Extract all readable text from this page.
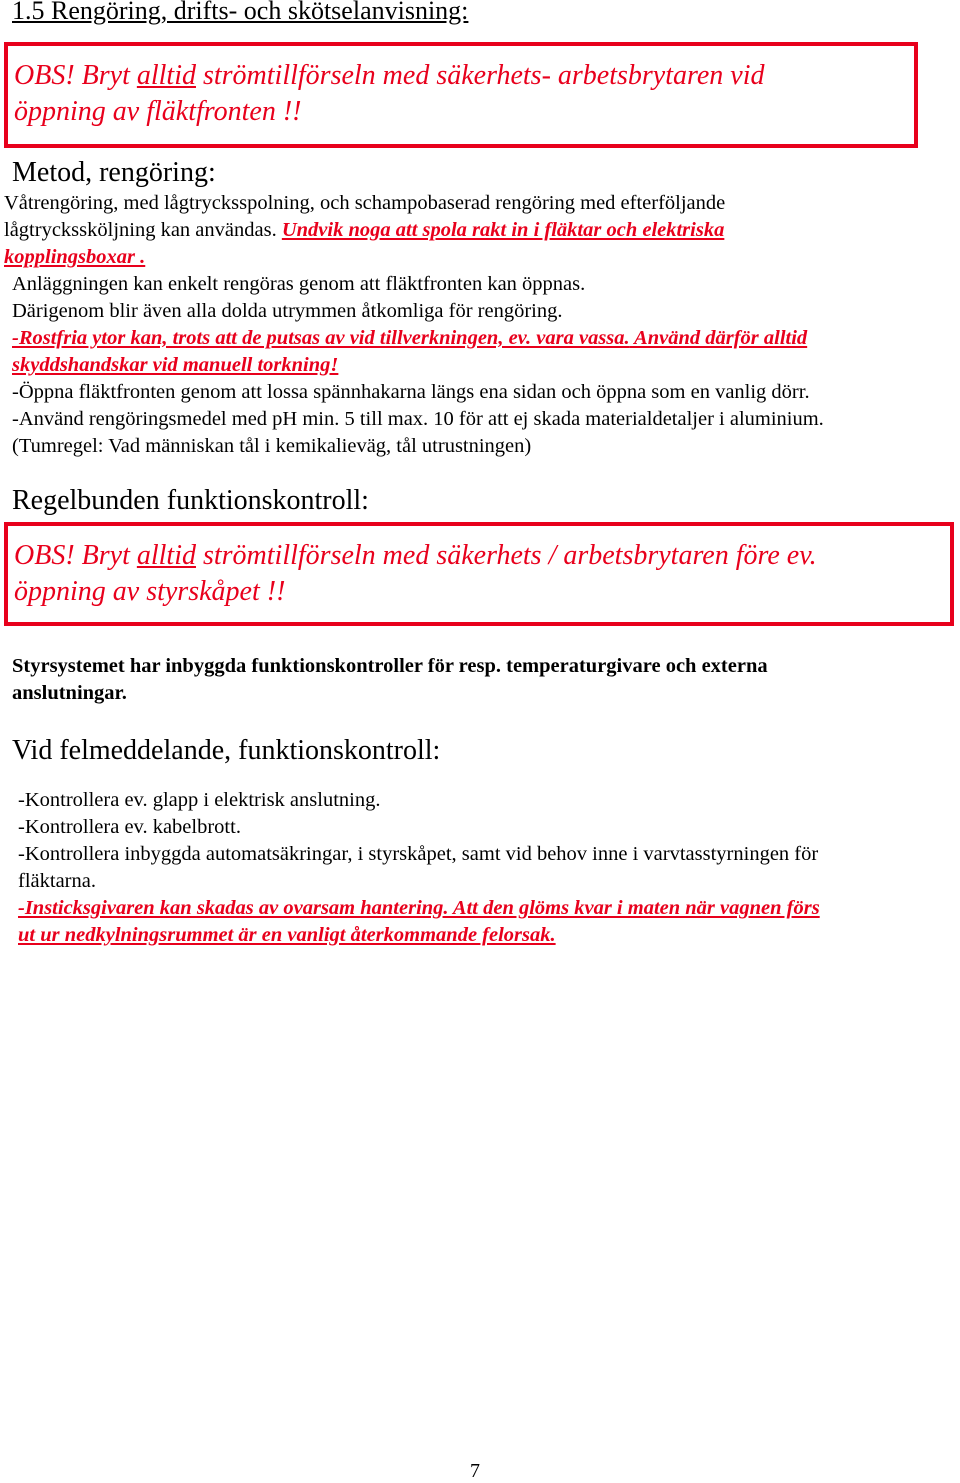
1.5 Rengöring, drifts- och skötselanvisning:
OBS! Bryt alltid strömtillförseln med säkerhets- arbetsbrytaren vid
öppning av fläktfronten !!
Metod, rengöring:
Våtrengöring, med lågtrycksspolning, och schampobaserad rengöring med efterföljande
lågtryckssköljning kan användas. Undvik noga att spola rakt in i fläktar och elektriska
kopplingsboxar .
Anläggningen kan enkelt rengöras genom att fläktfronten kan öppnas.
Därigenom blir även alla dolda utrymmen åtkomliga för rengöring.
-Rostfria ytor kan, trots att de putsas av vid tillverkningen, ev. vara vassa. Använd därför alltid
skyddshandskar vid manuell torkning!
-Öppna fläktfronten genom att lossa spännhakarna längs ena sidan och öppna som en vanlig dörr.
-Använd rengöringsmedel med pH min. 5 till max. 10 för att ej skada materialdetaljer i aluminium.
(Tumregel: Vad människan tål i kemikalieväg, tål utrustningen)
Regelbunden funktionskontroll:
OBS! Bryt alltid strömtillförseln med säkerhets / arbetsbrytaren före ev.
öppning av styrskåpet !!
Styrsystemet har inbyggda funktionskontroller för resp. temperaturgivare och externa
anslutningar.
Vid felmeddelande, funktionskontroll:
-Kontrollera ev. glapp i elektrisk anslutning.
-Kontrollera ev. kabelbrott.
-Kontrollera inbyggda automatsäkringar, i styrskåpet, samt vid behov inne i varvtasstyrningen för
fläktarna.
-Insticksgivaren kan skadas av ovarsam hantering. Att den glöms kvar i maten när vagnen förs
ut ur nedkylningsrummet är en vanligt återkommande felorsak.
7
